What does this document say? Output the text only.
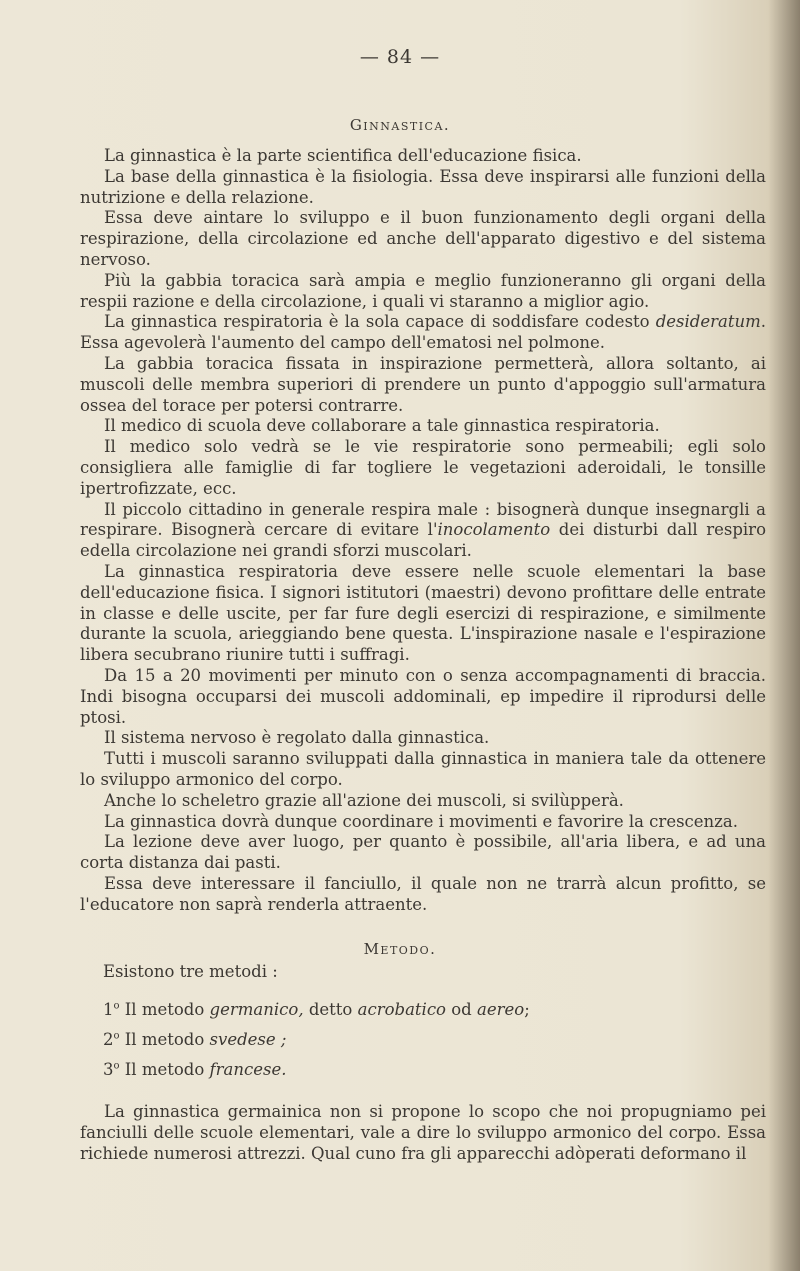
— 84 —
Ginnastica.

La ginnastica è la parte scientifica dell'educazione fisica.

La base della ginnastica è la fisiologia. Essa deve inspirarsi alle funzioni della nutrizione e della relazione.

Essa deve aintare lo sviluppo e il buon funzionamento degli organi della respirazione, della circolazione ed anche dell'apparato digestivo e del sistema nervoso.

Più la gabbia toracica sarà ampia e meglio funzioneranno gli organi della respii razione e della circolazione, i quali vi staranno a miglior agio.

La ginnastica respiratoria è la sola capace di soddisfare codesto desideratum. Essa agevolerà l'aumento del campo dell'ematosi nel polmone.

La gabbia toracica fissata in inspirazione permetterà, allora soltanto, ai muscoli delle membra superiori di prendere un punto d'appoggio sull'armatura ossea del torace per potersi contrarre.

Il medico di scuola deve collaborare a tale ginnastica respiratoria.

Il medico solo vedrà se le vie respiratorie sono permeabili; egli solo consigliera alle famiglie di far togliere le vegetazioni aderoidali, le tonsille ipertrofizzate, ecc.

Il piccolo cittadino in generale respira male : bisognerà dunque insegnargli a respirare. Bisognerà cercare di evitare l'inocolamento dei disturbi dall respiro edella circolazione nei grandi sforzi muscolari.

La ginnastica respiratoria deve essere nelle scuole elementari la base dell'educazione fisica. I signori istitutori (maestri) devono profittare delle entrate in classe e delle uscite, per far fure degli esercizi di respirazione, e similmente durante la scuola, arieggiando bene questa. L'inspirazione nasale e l'espirazione libera secubrano riunire tutti i suffragi.

Da 15 a 20 movimenti per minuto con o senza accompagnamenti di braccia. Indi bisogna occuparsi dei muscoli addominali, ep impedire il riprodursi delle ptosi.

Il sistema nervoso è regolato dalla ginnastica.

Tutti i muscoli saranno sviluppati dalla ginnastica in maniera tale da ottenere lo sviluppo armonico del corpo.

Anche lo scheletro grazie all'azione dei muscoli, si svilùpperà.

La ginnastica dovrà dunque coordinare i movimenti e favorire la crescenza.

La lezione deve aver luogo, per quanto è possibile, all'aria libera, e ad una corta distanza dai pasti.

Essa deve interessare il fanciullo, il quale non ne trarrà alcun profitto, se l'educatore non saprà renderla attraente.

Metodo.
Esistono tre metodi :
1$^o$ Il metodo germanico, detto acrobatico od aereo;
2$^o$ Il metodo svedese ;
3$^o$ Il metodo francese.

La ginnastica germainica non si propone lo scopo che noi propugniamo pei fanciulli delle scuole elementari, vale a dire lo sviluppo armonico del corpo. Essa richiede numerosi attrezzi. Qual cuno fra gli apparecchi adòperati deformano il
